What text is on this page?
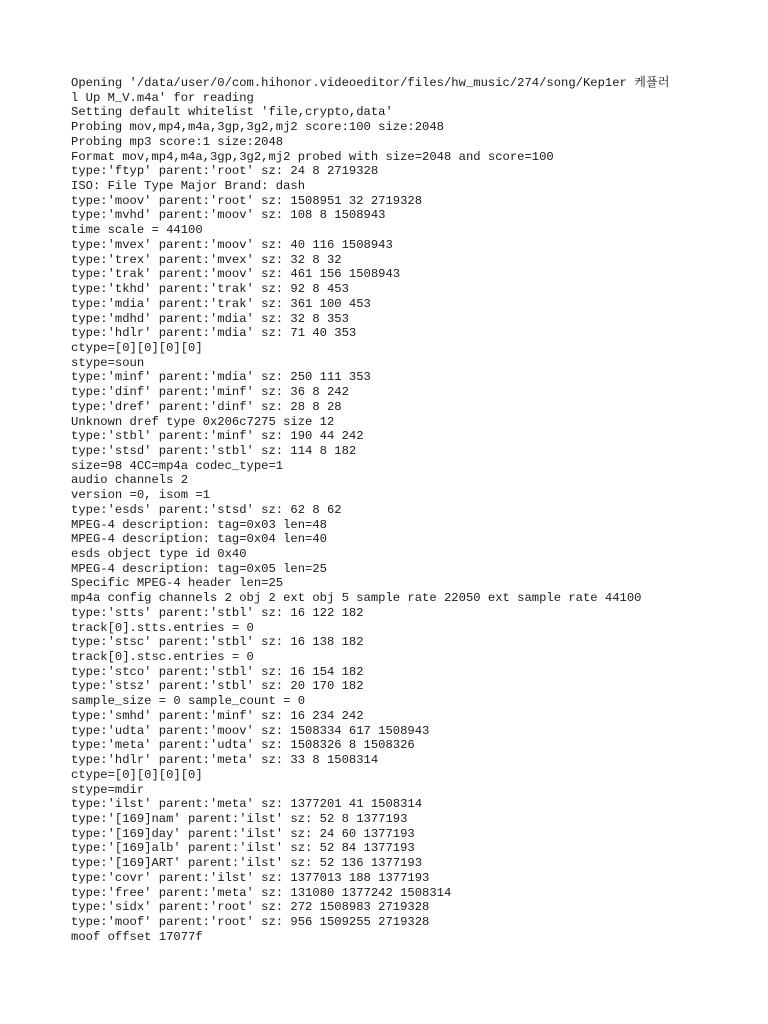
Opening '/data/user/0/com.hihonor.videoeditor/files/hw_music/274/song/Kep1er 케플러
l Up M_V.m4a' for reading
Setting default whitelist 'file,crypto,data'
Probing mov,mp4,m4a,3gp,3g2,mj2 score:100 size:2048
Probing mp3 score:1 size:2048
Format mov,mp4,m4a,3gp,3g2,mj2 probed with size=2048 and score=100
type:'ftyp' parent:'root' sz: 24 8 2719328
ISO: File Type Major Brand: dash
type:'moov' parent:'root' sz: 1508951 32 2719328
type:'mvhd' parent:'moov' sz: 108 8 1508943
time scale = 44100
type:'mvex' parent:'moov' sz: 40 116 1508943
type:'trex' parent:'mvex' sz: 32 8 32
type:'trak' parent:'moov' sz: 461 156 1508943
type:'tkhd' parent:'trak' sz: 92 8 453
type:'mdia' parent:'trak' sz: 361 100 453
type:'mdhd' parent:'mdia' sz: 32 8 353
type:'hdlr' parent:'mdia' sz: 71 40 353
ctype=[0][0][0][0]
stype=soun
type:'minf' parent:'mdia' sz: 250 111 353
type:'dinf' parent:'minf' sz: 36 8 242
type:'dref' parent:'dinf' sz: 28 8 28
Unknown dref type 0x206c7275 size 12
type:'stbl' parent:'minf' sz: 190 44 242
type:'stsd' parent:'stbl' sz: 114 8 182
size=98 4CC=mp4a codec_type=1
audio channels 2
version =0, isom =1
type:'esds' parent:'stsd' sz: 62 8 62
MPEG-4 description: tag=0x03 len=48
MPEG-4 description: tag=0x04 len=40
esds object type id 0x40
MPEG-4 description: tag=0x05 len=25
Specific MPEG-4 header len=25
mp4a config channels 2 obj 2 ext obj 5 sample rate 22050 ext sample rate 44100
type:'stts' parent:'stbl' sz: 16 122 182
track[0].stts.entries = 0
type:'stsc' parent:'stbl' sz: 16 138 182
track[0].stsc.entries = 0
type:'stco' parent:'stbl' sz: 16 154 182
type:'stsz' parent:'stbl' sz: 20 170 182
sample_size = 0 sample_count = 0
type:'smhd' parent:'minf' sz: 16 234 242
type:'udta' parent:'moov' sz: 1508334 617 1508943
type:'meta' parent:'udta' sz: 1508326 8 1508326
type:'hdlr' parent:'meta' sz: 33 8 1508314
ctype=[0][0][0][0]
stype=mdir
type:'ilst' parent:'meta' sz: 1377201 41 1508314
type:'[169]nam' parent:'ilst' sz: 52 8 1377193
type:'[169]day' parent:'ilst' sz: 24 60 1377193
type:'[169]alb' parent:'ilst' sz: 52 84 1377193
type:'[169]ART' parent:'ilst' sz: 52 136 1377193
type:'covr' parent:'ilst' sz: 1377013 188 1377193
type:'free' parent:'meta' sz: 131080 1377242 1508314
type:'sidx' parent:'root' sz: 272 1508983 2719328
type:'moof' parent:'root' sz: 956 1509255 2719328
moof offset 17077f
